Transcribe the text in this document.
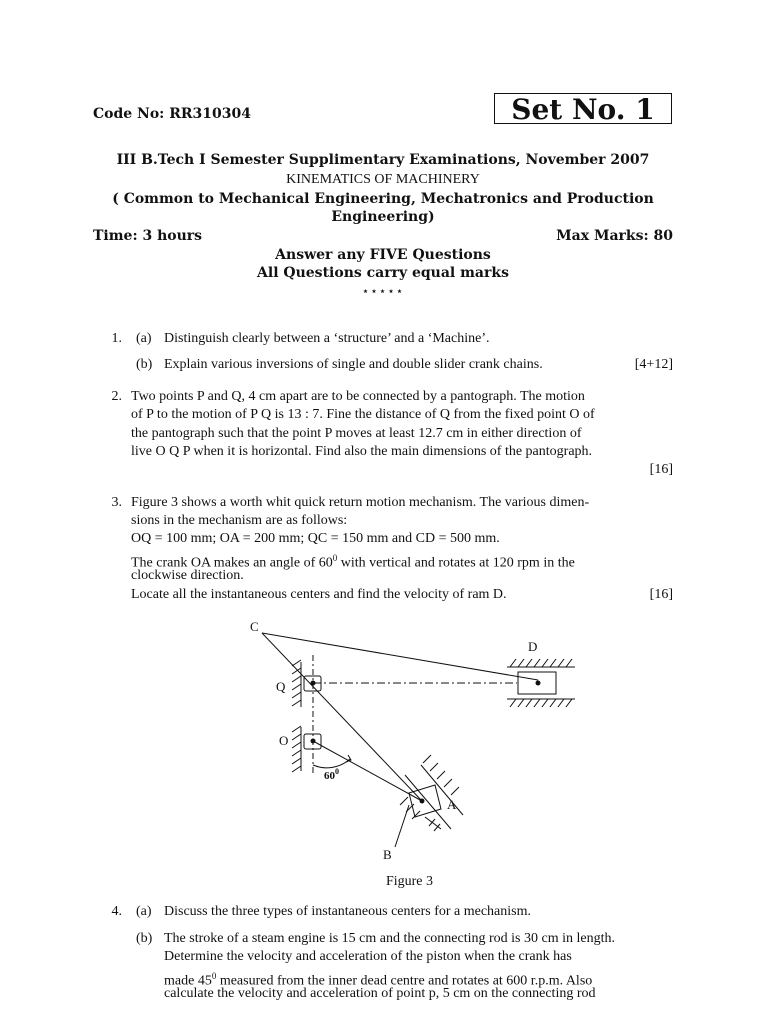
Code No: RR310304	Set No. 1
III B.Tech I Semester Supplimentary Examinations, November 2007
KINEMATICS OF MACHINERY
( Common to Mechanical Engineering, Mechatronics and Production Engineering)
Time: 3 hours	Max Marks: 80
Answer any FIVE Questions
All Questions carry equal marks
⋆⋆⋆⋆⋆
1. (a) Distinguish clearly between a ‘structure’ and a ‘Machine’.
(b) Explain various inversions of single and double slider crank chains.	[4+12]
2. Two points P and Q, 4 cm apart are to be connected by a pantograph. The motion
of P to the motion of P Q is 13 : 7. Fine the distance of Q from the fixed point O of
the pantograph such that the point P moves at least 12.7 cm in either direction of
live O Q P when it is horizontal. Find also the main dimensions of the pantograph.
[16]
3. Figure 3 shows a worth whit quick return motion mechanism. The various dimen-
sions in the mechanism are as follows:
OQ = 100 mm; OA = 200 mm; QC = 150 mm and CD = 500 mm.
The crank OA makes an angle of $60^0$ with vertical and rotates at 120 rpm in the
clockwise direction.
Locate all the instantaneous centers and find the velocity of ram D.	[16]
C
D
Q
O
A
B
$60^0$
Figure 3
4. (a) Discuss the three types of instantaneous centers for a mechanism.
(b) The stroke of a steam engine is 15 cm and the connecting rod is 30 cm in length.
Determine the velocity and acceleration of the piston when the crank has
made $45^0$ measured from the inner dead centre and rotates at 600 r.p.m. Also
calculate the velocity and acceleration of point p, 5 cm on the connecting rod
